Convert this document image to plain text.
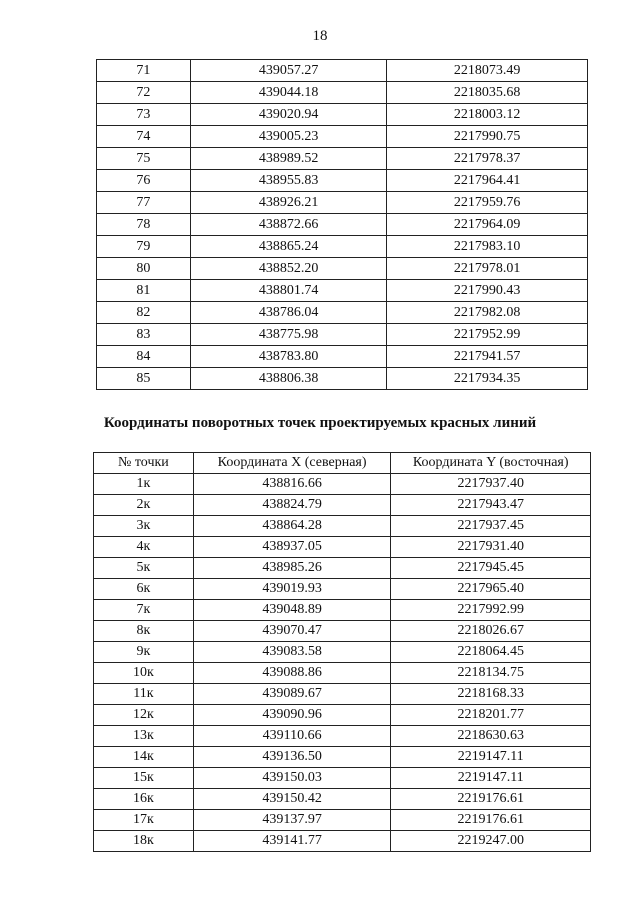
18
71	439057.27	2218073.49
72	439044.18	2218035.68
73	439020.94	2218003.12
74	439005.23	2217990.75
75	438989.52	2217978.37
76	438955.83	2217964.41
77	438926.21	2217959.76
78	438872.66	2217964.09
79	438865.24	2217983.10
80	438852.20	2217978.01
81	438801.74	2217990.43
82	438786.04	2217982.08
83	438775.98	2217952.99
84	438783.80	2217941.57
85	438806.38	2217934.35
Координаты поворотных точек проектируемых красных линий
№ точки	Координата X (северная)	Координата Y (восточная)
1к	438816.66	2217937.40
2к	438824.79	2217943.47
3к	438864.28	2217937.45
4к	438937.05	2217931.40
5к	438985.26	2217945.45
6к	439019.93	2217965.40
7к	439048.89	2217992.99
8к	439070.47	2218026.67
9к	439083.58	2218064.45
10к	439088.86	2218134.75
11к	439089.67	2218168.33
12к	439090.96	2218201.77
13к	439110.66	2218630.63
14к	439136.50	2219147.11
15к	439150.03	2219147.11
16к	439150.42	2219176.61
17к	439137.97	2219176.61
18к	439141.77	2219247.00
